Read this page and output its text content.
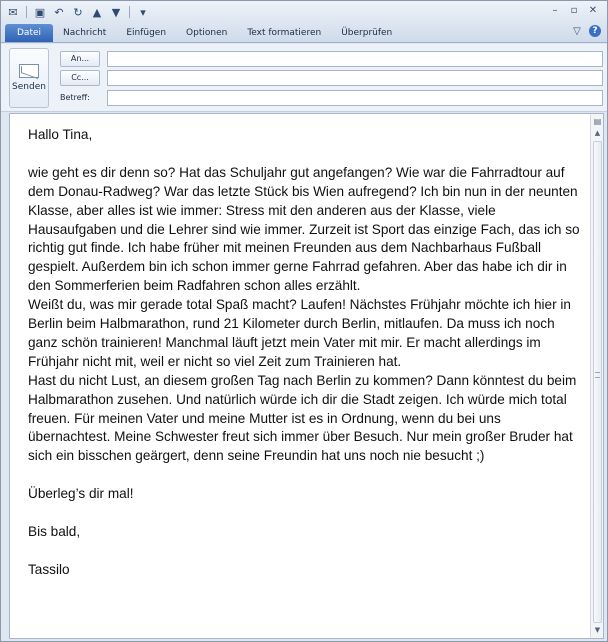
✉	▣ ↶ ↻ ▲ ▼	▾	–	▫	✕
Datei	Nachricht	Einfügen	Optionen	Text formatieren	Überprüfen	▽	?
Senden
An...
Cc...
Betreff:

Hallo Tina,

wie geht es dir denn so? Hat das Schuljahr gut angefangen? Wie war die Fahrradtour auf dem Donau-Radweg? War das letzte Stück bis Wien aufregend? Ich bin nun in der neunten Klasse, aber alles ist wie immer: Stress mit den anderen aus der Klasse, viele Hausaufgaben und die Lehrer sind wie immer. Zurzeit ist Sport das einzige Fach, das ich so richtig gut finde. Ich habe früher mit meinen Freunden aus dem Nachbarhaus Fußball gespielt. Außerdem bin ich schon immer gerne Fahrrad gefahren. Aber das habe ich dir in den Sommerferien beim Radfahren schon alles erzählt.

Weißt du, was mir gerade total Spaß macht? Laufen! Nächstes Frühjahr möchte ich hier in Berlin beim Halbmarathon, rund 21 Kilometer durch Berlin, mitlaufen. Da muss ich noch ganz schön trainieren! Manchmal läuft jetzt mein Vater mit mir. Er macht allerdings im Frühjahr nicht mit, weil er nicht so viel Zeit zum Trainieren hat.

Hast du nicht Lust, an diesem großen Tag nach Berlin zu kommen? Dann könntest du beim Halbmarathon zusehen. Und natürlich würde ich dir die Stadt zeigen. Ich würde mich total freuen. Für meinen Vater und meine Mutter ist es in Ordnung, wenn du bei uns übernachtest. Meine Schwester freut sich immer über Besuch. Nur mein großer Bruder hat sich ein bisschen geärgert, denn seine Freundin hat uns noch nie besucht ;)

Überleg’s dir mal!

Bis bald,

Tassilo

▤
▲
▼
